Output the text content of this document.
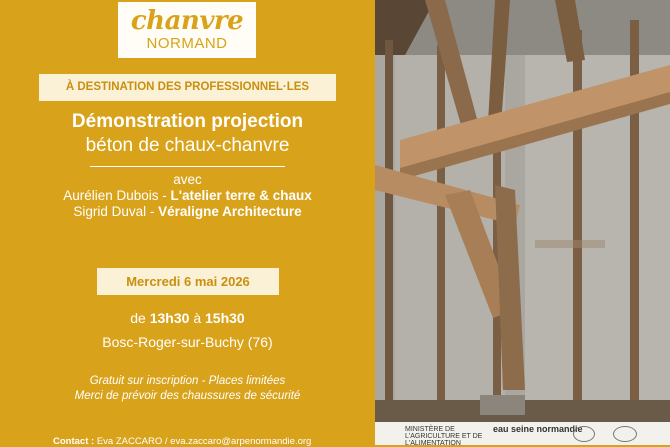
chanvre
NORMAND
À DESTINATION DES PROFESSIONNEL·LES
Démonstration projection
béton de chaux-chanvre
avec
Aurélien Dubois - L'atelier terre & chaux
Sigrid Duval - Véraligne Architecture
Mercredi 6 mai 2026
de 13h30 à 15h30
Bosc-Roger-sur-Buchy (76)
Gratuit sur inscription - Places limitées
Merci de prévoir des chaussures de sécurité
Contact : Eva ZACCARO / eva.zaccaro@arpenormandie.org
MINISTÈRE DE L'AGRICULTURE ET DE L'ALIMENTATION
eau seine normandie
